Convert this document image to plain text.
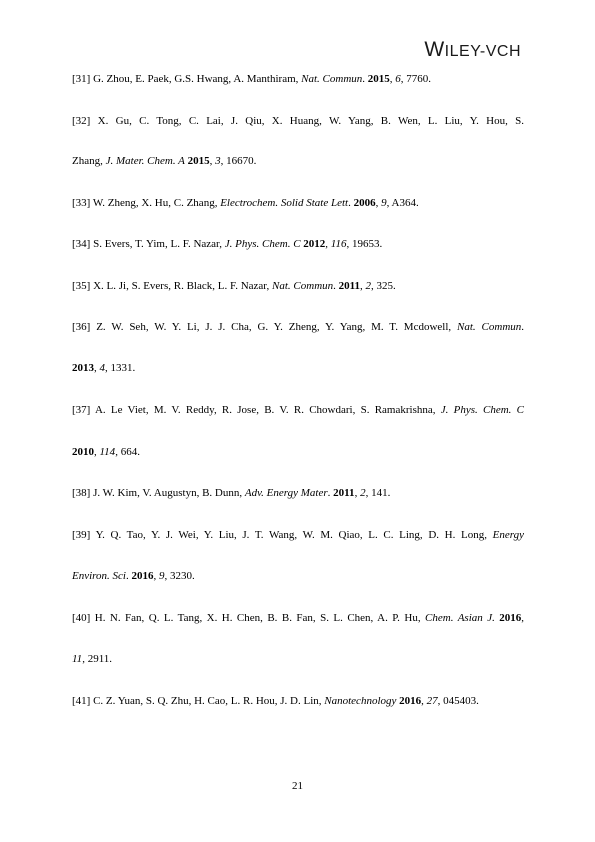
WILEY-VCH
[31] G. Zhou, E. Paek, G.S. Hwang, A. Manthiram, Nat. Commun. 2015, 6, 7760.
[32] X. Gu, C. Tong, C. Lai, J. Qiu, X. Huang, W. Yang, B. Wen, L. Liu, Y. Hou, S.
Zhang, J. Mater. Chem. A 2015, 3, 16670.
[33] W. Zheng, X. Hu, C. Zhang, Electrochem. Solid State Lett. 2006, 9, A364.
[34] S. Evers, T. Yim, L. F. Nazar, J. Phys. Chem. C 2012, 116, 19653.
[35] X. L. Ji, S. Evers, R. Black, L. F. Nazar, Nat. Commun. 2011, 2, 325.
[36] Z. W. Seh, W. Y. Li, J. J. Cha, G. Y. Zheng, Y. Yang, M. T. Mcdowell, Nat. Commun.
2013, 4, 1331.
[37] A. Le Viet, M. V. Reddy, R. Jose, B. V. R. Chowdari, S. Ramakrishna, J. Phys. Chem. C
2010, 114, 664.
[38] J. W. Kim, V. Augustyn, B. Dunn, Adv. Energy Mater. 2011, 2, 141.
[39] Y. Q. Tao, Y. J. Wei, Y. Liu, J. T. Wang, W. M. Qiao, L. C. Ling, D. H. Long, Energy
Environ. Sci. 2016, 9, 3230.
[40] H. N. Fan, Q. L. Tang, X. H. Chen, B. B. Fan, S. L. Chen, A. P. Hu, Chem. Asian J. 2016,
11, 2911.
[41] C. Z. Yuan, S. Q. Zhu, H. Cao, L. R. Hou, J. D. Lin, Nanotechnology 2016, 27, 045403.
21
